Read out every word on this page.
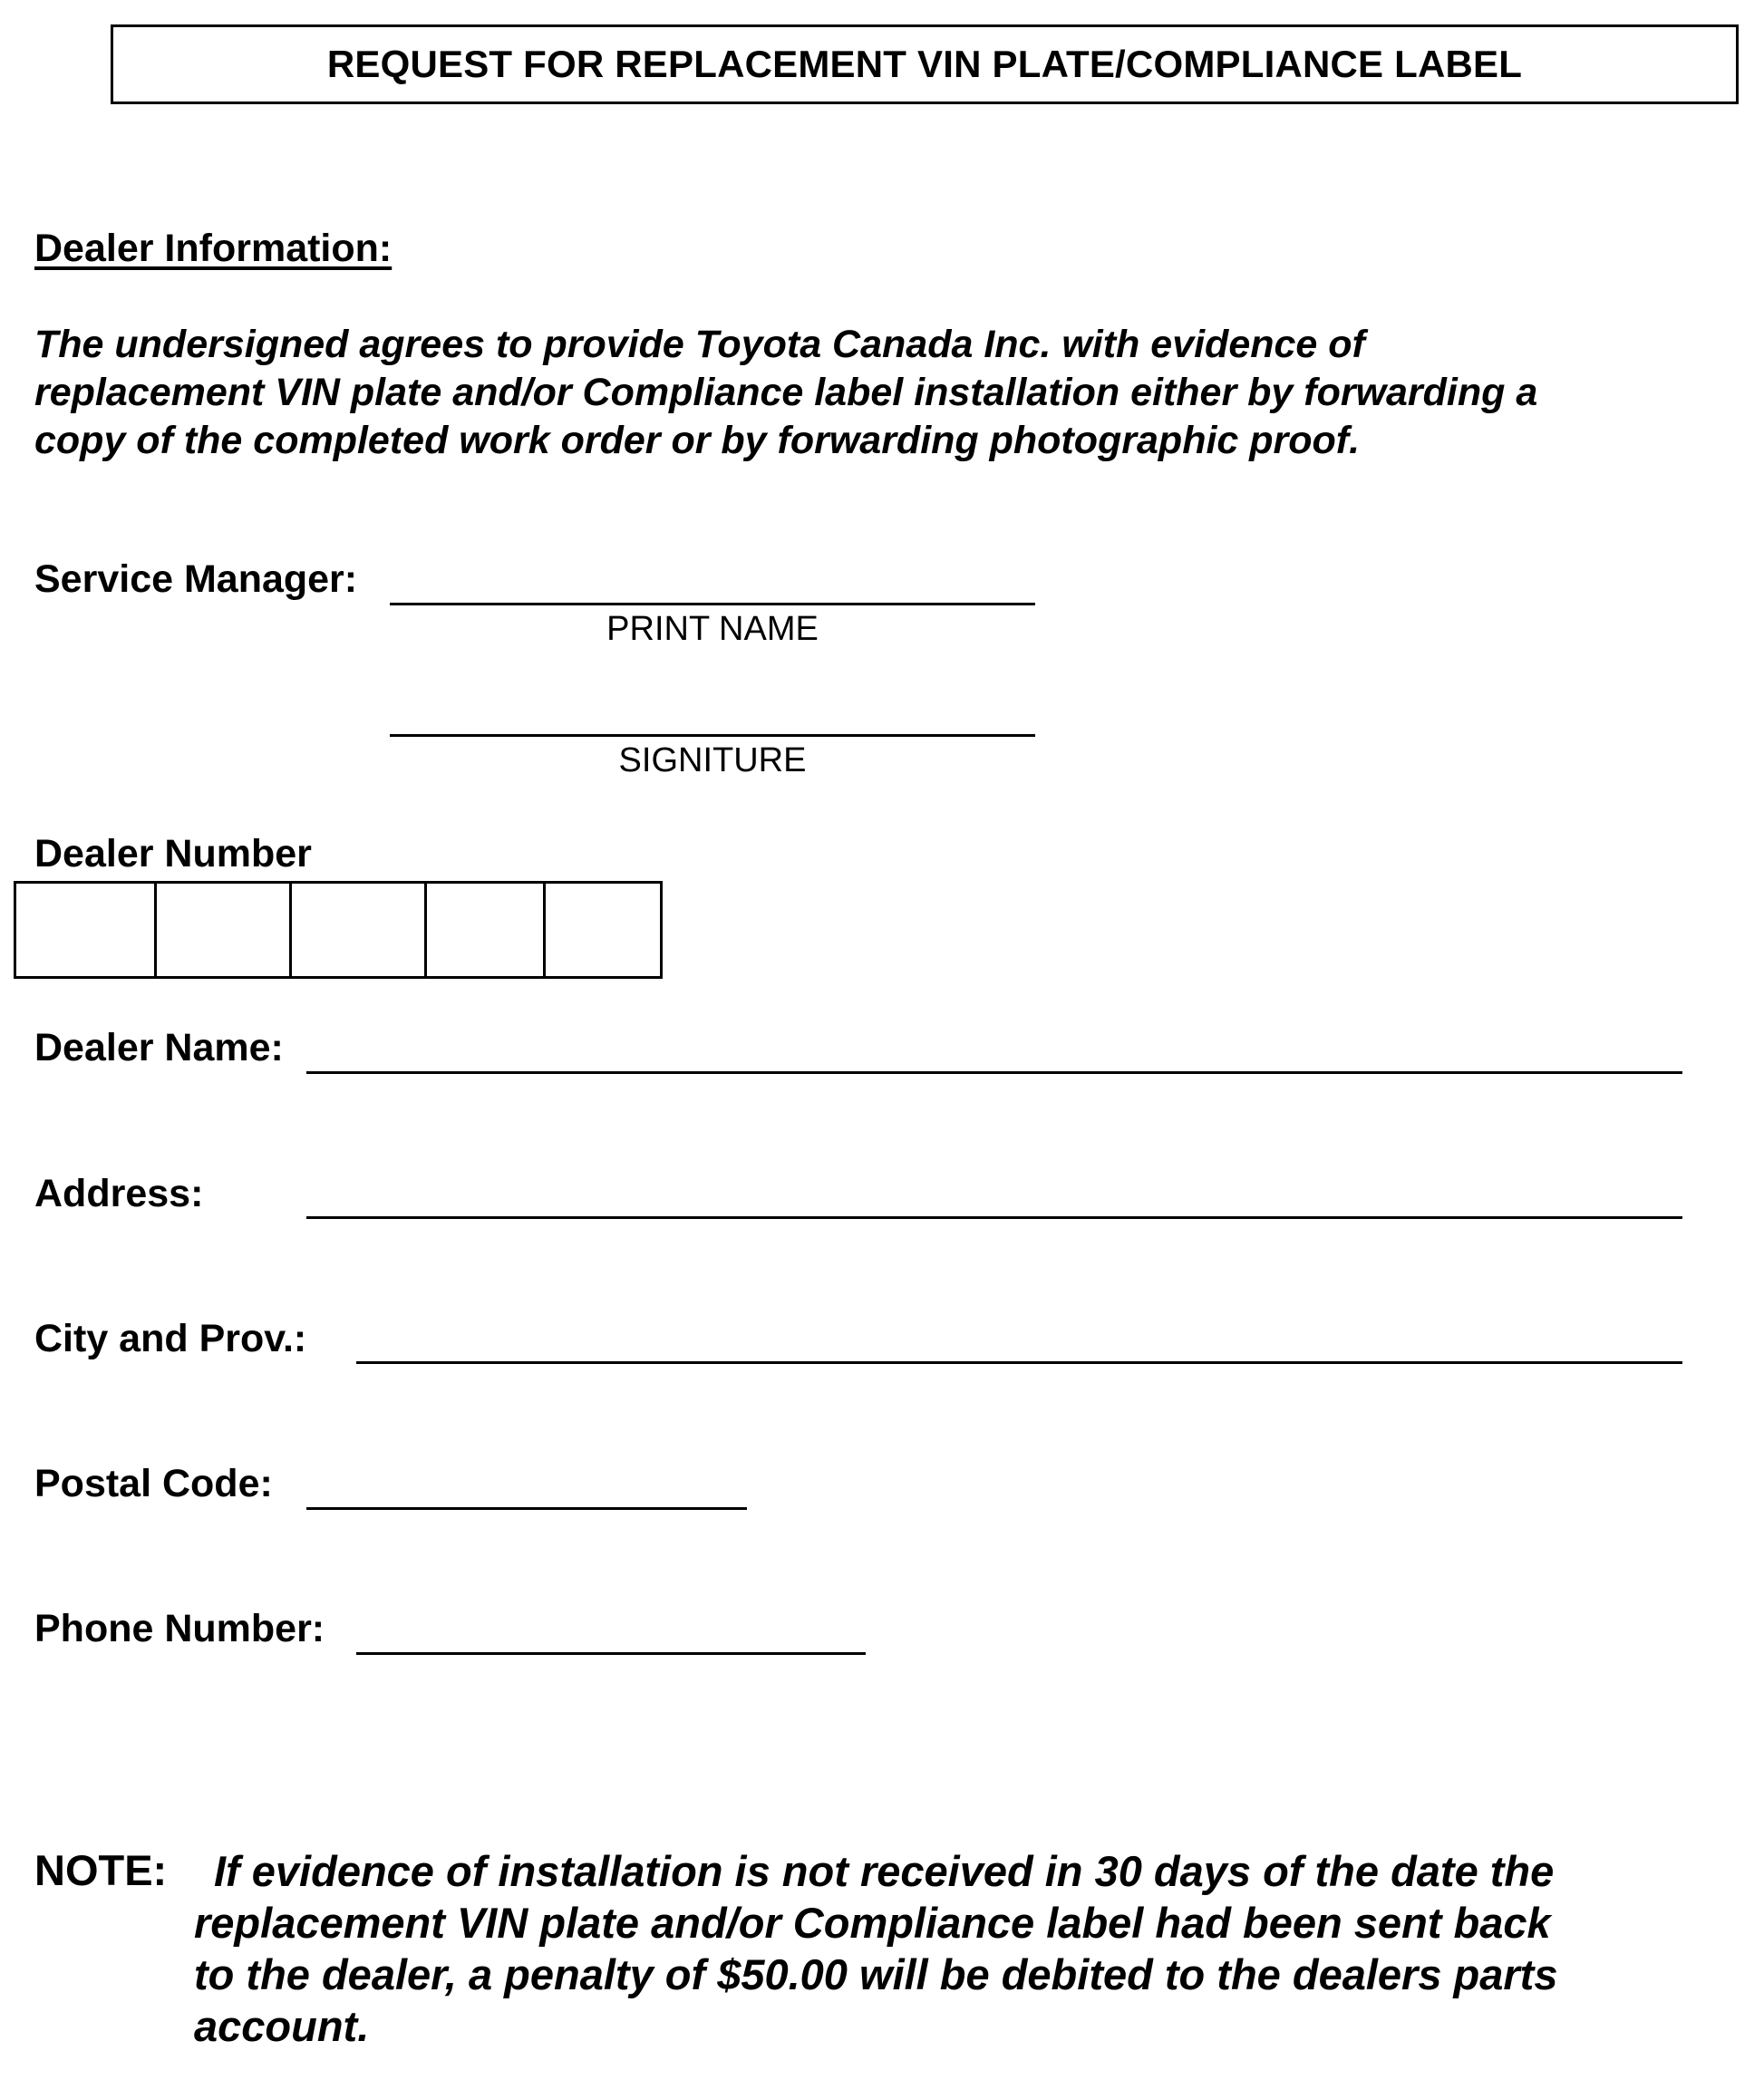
REQUEST FOR REPLACEMENT VIN PLATE/COMPLIANCE LABEL
Dealer Information:
The undersigned agrees to provide Toyota Canada Inc. with evidence of
replacement VIN plate and/or Compliance label installation either by forwarding a
copy of the completed work order or by forwarding photographic proof.
Service Manager:
PRINT NAME
SIGNITURE
Dealer Number
Dealer Name:
Address:
City and Prov.:
Postal Code:
Phone Number:
NOTE:	If evidence of installation is not received in 30 days of the date the
replacement VIN plate and/or Compliance label had been sent back
to the dealer, a penalty of $50.00 will be debited to the dealers parts
account.
